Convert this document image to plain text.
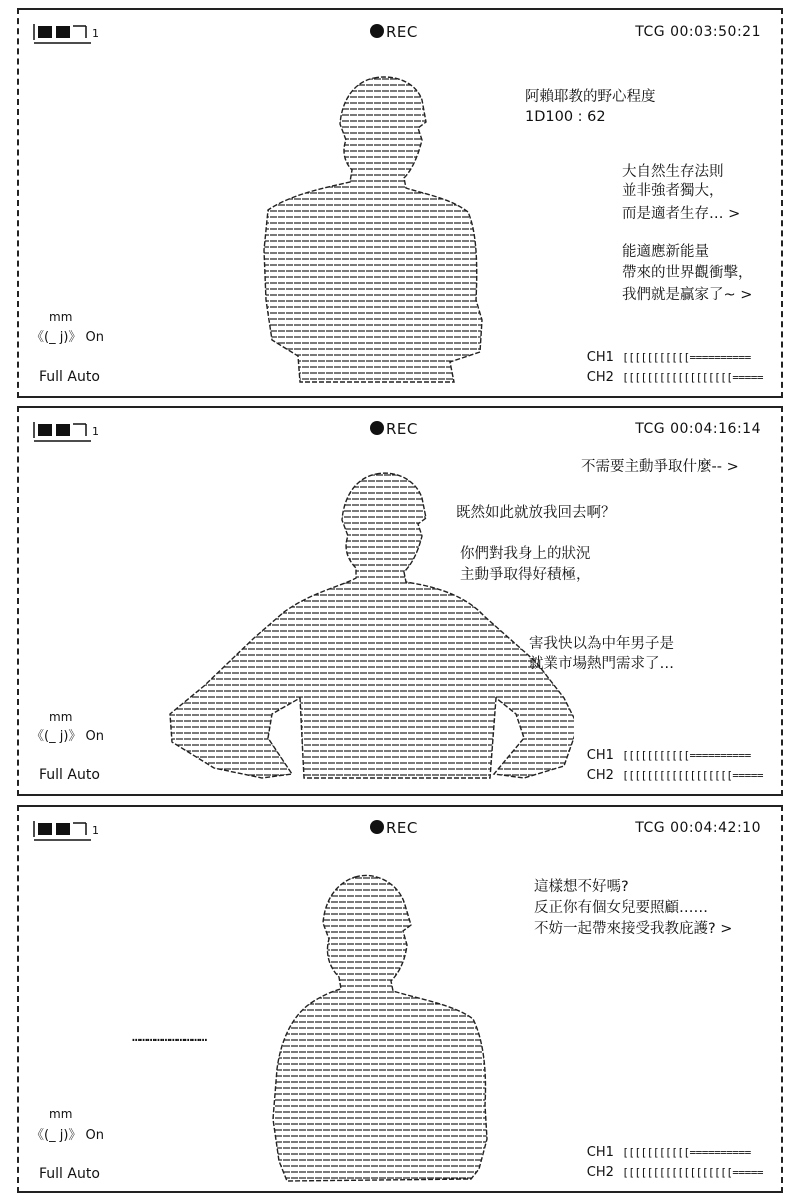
1	REC	TCG 00:03:50:21
阿賴耶教的野心程度
1D100 : 62
大自然生存法則
並非強者獨大，
而是適者生存… >
能適應新能量
帶來的世界觀衝擊，
我們就是贏家了~ >
mm
《(_ j)》 On
Full Auto
CH1 [[[[[[[[[[[==========
CH2 [[[[[[[[[[[[[[[[[[=====
1	REC	TCG 00:04:16:14
不需要主動爭取什麼-- >
既然如此就放我回去啊？
你們對我身上的狀況
主動爭取得好積極，
害我快以為中年男子是
就業市場熱門需求了…
mm
《(_ j)》 On
Full Auto
CH1 [[[[[[[[[[[==========
CH2 [[[[[[[[[[[[[[[[[[=====
1	REC	TCG 00:04:42:10
…………………………
這樣想不好嗎?
反正你有個女兒要照顧……
不妨一起帶來接受我教庇護? >
mm
《(_ j)》 On
Full Auto
CH1 [[[[[[[[[[[==========
CH2 [[[[[[[[[[[[[[[[[[=====
